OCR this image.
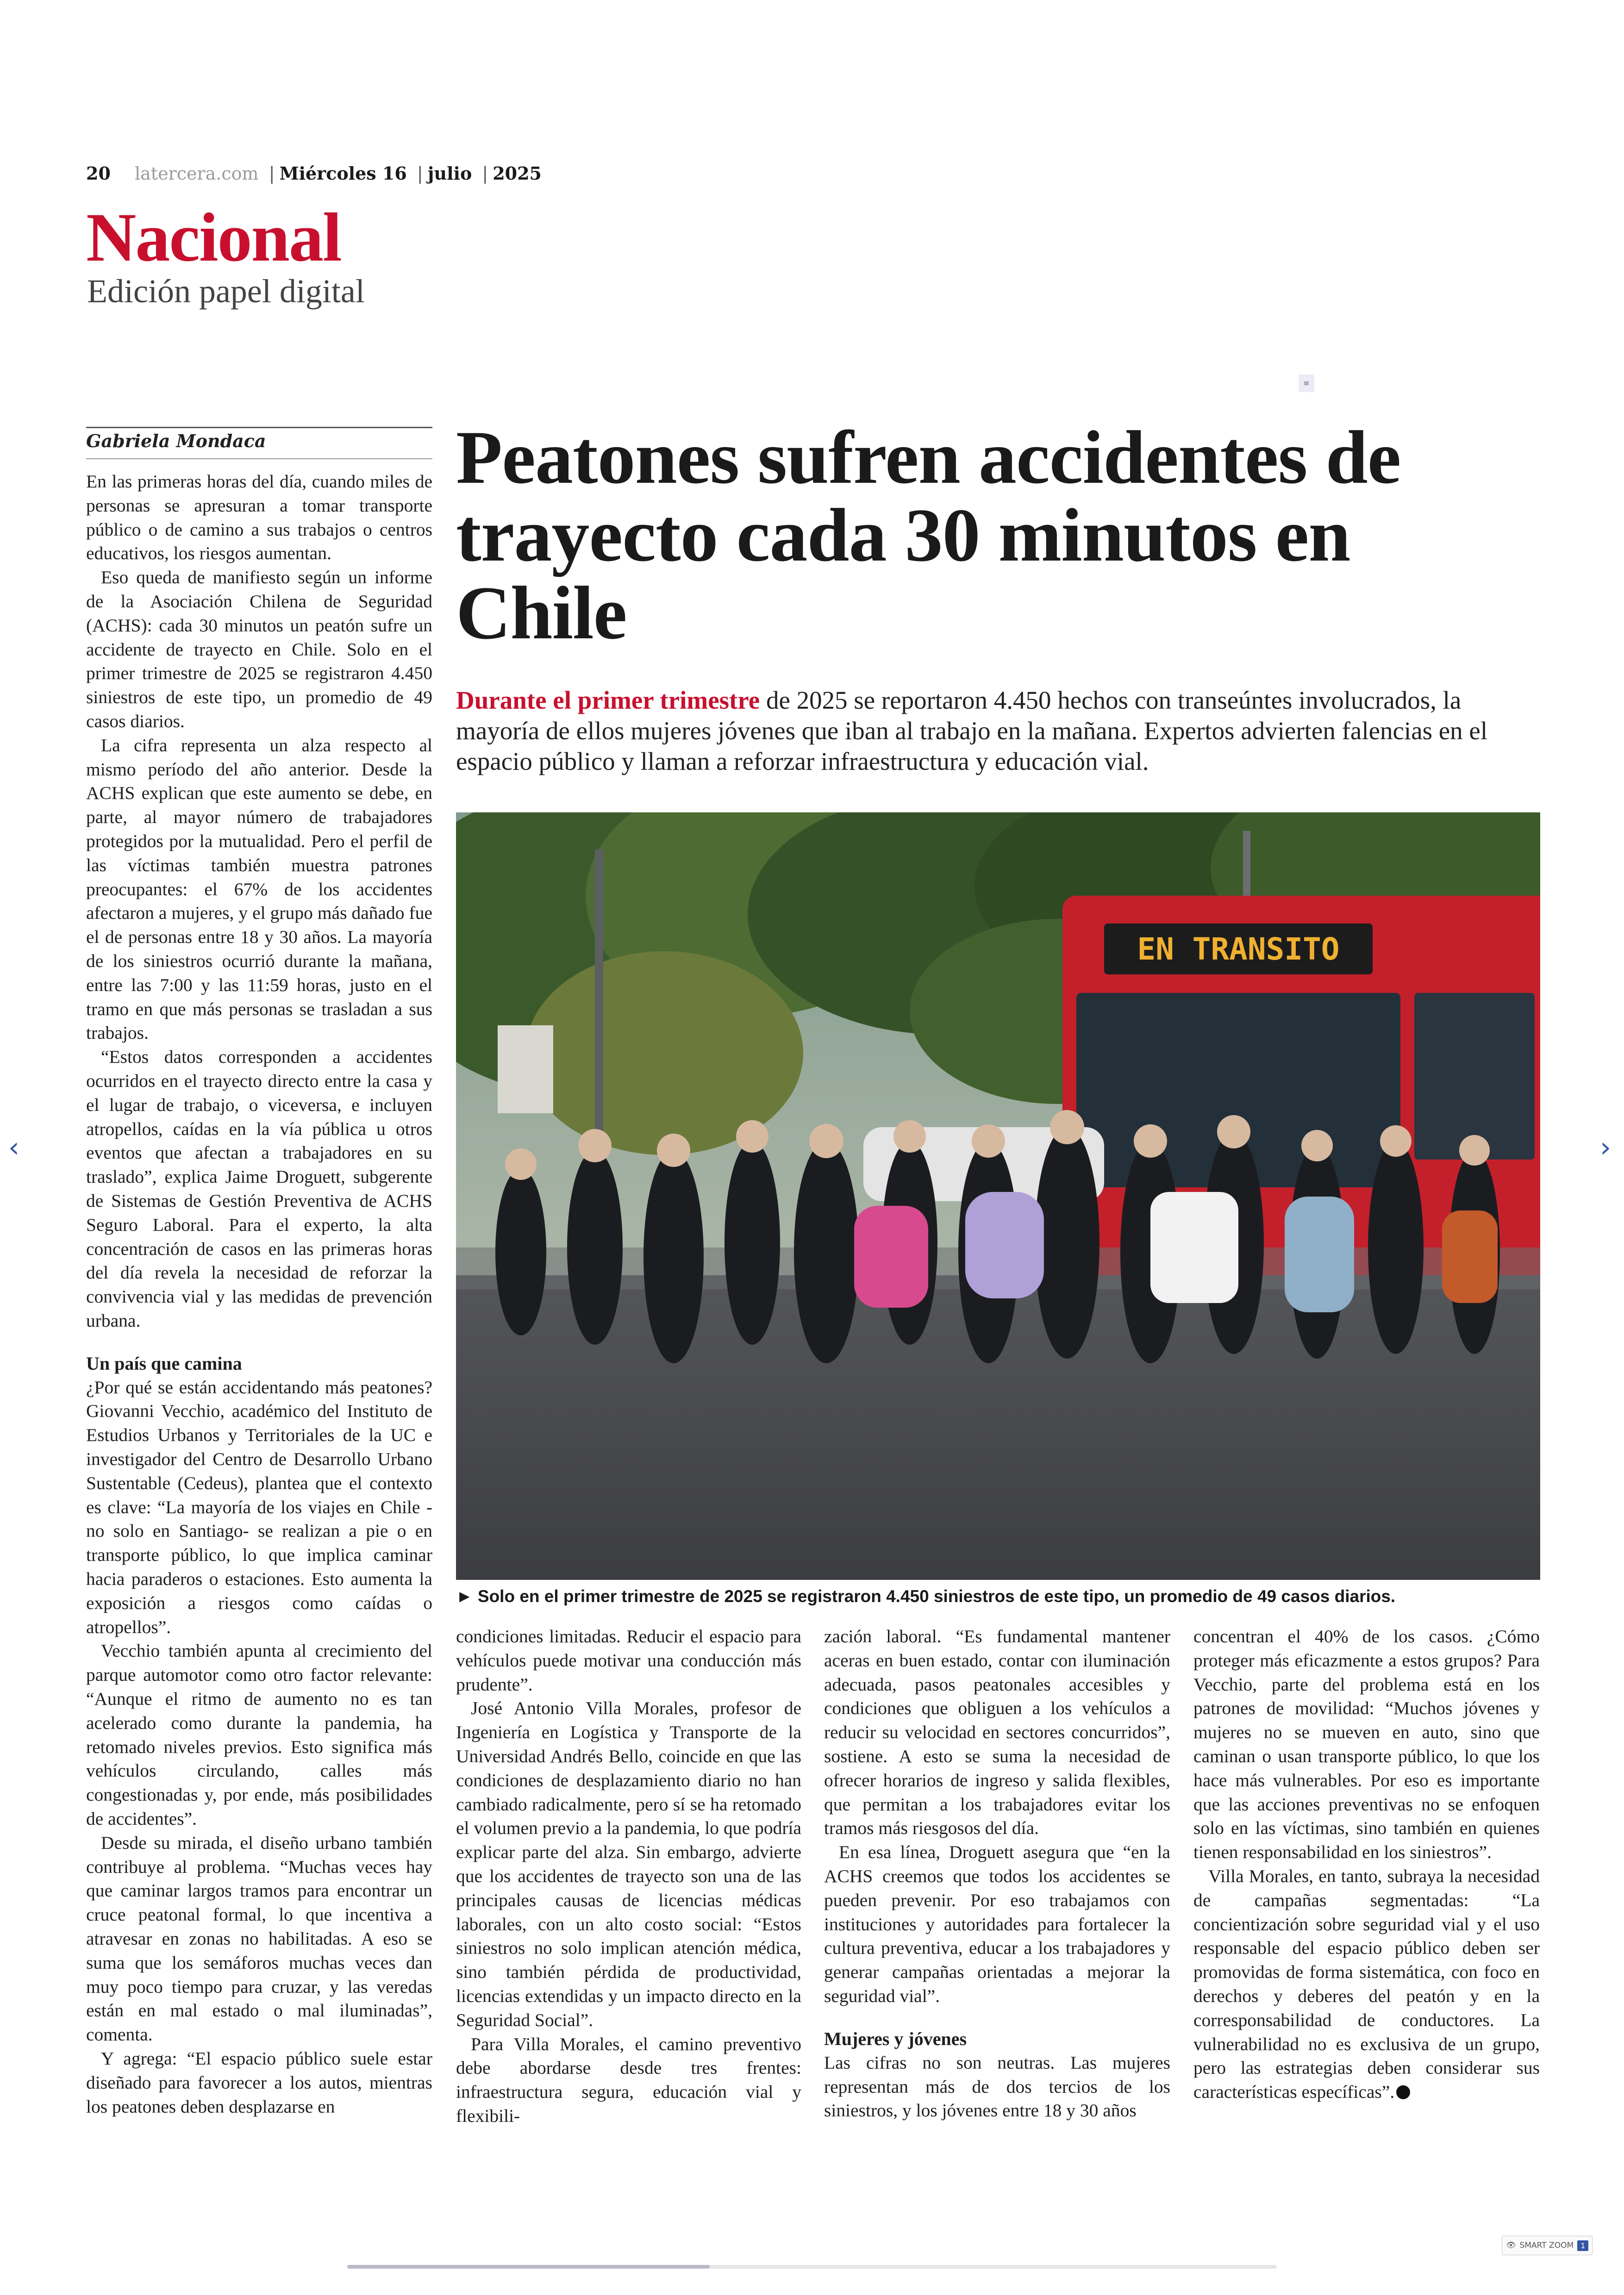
20 latercera.com | Miércoles 16 | julio | 2025
Nacional
Edición papel digital
≡
Peatones sufren accidentes de trayecto cada 30 minutos en Chile
Durante el primer trimestre de 2025 se reportaron 4.450 hechos con transeúntes involucrados, la mayoría de ellos mujeres jóvenes que iban al trabajo en la mañana. Expertos advierten falencias en el espacio público y llaman a reforzar infraestructura y educación vial.
EN TRANSITO
► Solo en el primer trimestre de 2025 se registraron 4.450 siniestros de este tipo, un promedio de 49 casos diarios.
Gabriela Mondaca

En las primeras horas del día, cuando miles de personas se apresuran a tomar transporte público o de camino a sus trabajos o centros educativos, los riesgos aumentan.

Eso queda de manifiesto según un informe de la Asociación Chilena de Seguridad (ACHS): cada 30 minutos un peatón sufre un accidente de trayecto en Chile. Solo en el primer trimestre de 2025 se registraron 4.450 siniestros de este tipo, un promedio de 49 casos diarios.

La cifra representa un alza respecto al mismo período del año anterior. Desde la ACHS explican que este aumento se debe, en parte, al mayor número de trabajadores protegidos por la mutualidad. Pero el perfil de las víctimas también muestra patrones preocupantes: el 67% de los accidentes afectaron a mujeres, y el grupo más dañado fue el de personas entre 18 y 30 años. La mayoría de los siniestros ocurrió durante la mañana, entre las 7:00 y las 11:59 horas, justo en el tramo en que más personas se trasladan a sus trabajos.

“Estos datos corresponden a accidentes ocurridos en el trayecto directo entre la casa y el lugar de trabajo, o viceversa, e incluyen atropellos, caídas en la vía pública u otros eventos que afectan a trabajadores en su traslado”, explica Jaime Droguett, subgerente de Sistemas de Gestión Preventiva de ACHS Seguro Laboral. Para el experto, la alta concentración de casos en las primeras horas del día revela la necesidad de reforzar la convivencia vial y las medidas de prevención urbana.

Un país que camina

¿Por qué se están accidentando más peatones? Giovanni Vecchio, académico del Instituto de Estudios Urbanos y Territoriales de la UC e investigador del Centro de Desarrollo Urbano Sustentable (Cedeus), plantea que el contexto es clave: “La mayoría de los viajes en Chile -no solo en Santiago- se realizan a pie o en transporte público, lo que implica caminar hacia paraderos o estaciones. Esto aumenta la exposición a riesgos como caídas o atropellos”.

Vecchio también apunta al crecimiento del parque automotor como otro factor relevante: “Aunque el ritmo de aumento no es tan acelerado como durante la pandemia, ha retomado niveles previos. Esto significa más vehículos circulando, calles más congestionadas y, por ende, más posibilidades de accidentes”.

Desde su mirada, el diseño urbano también contribuye al problema. “Muchas veces hay que caminar largos tramos para encontrar un cruce peatonal formal, lo que incentiva a atravesar en zonas no habilitadas. A eso se suma que los semáforos muchas veces dan muy poco tiempo para cruzar, y las veredas están en mal estado o mal iluminadas”, comenta.

Y agrega: “El espacio público suele estar diseñado para favorecer a los autos, mientras los peatones deben desplazarse en

condiciones limitadas. Reducir el espacio para vehículos puede motivar una conducción más prudente”.

José Antonio Villa Morales, profesor de Ingeniería en Logística y Transporte de la Universidad Andrés Bello, coincide en que las condiciones de desplazamiento diario no han cambiado radicalmente, pero sí se ha retomado el volumen previo a la pandemia, lo que podría explicar parte del alza. Sin embargo, advierte que los accidentes de trayecto son una de las principales causas de licencias médicas laborales, con un alto costo social: “Estos siniestros no solo implican atención médica, sino también pérdida de productividad, licencias extendidas y un impacto directo en la Seguridad Social”.

Para Villa Morales, el camino preventivo debe abordarse desde tres frentes: infraestructura segura, educación vial y flexibili-

zación laboral. “Es fundamental mantener aceras en buen estado, contar con iluminación adecuada, pasos peatonales accesibles y condiciones que obliguen a los vehículos a reducir su velocidad en sectores concurridos”, sostiene. A esto se suma la necesidad de ofrecer horarios de ingreso y salida flexibles, que permitan a los trabajadores evitar los tramos más riesgosos del día.

En esa línea, Droguett asegura que “en la ACHS creemos que todos los accidentes se pueden prevenir. Por eso trabajamos con instituciones y autoridades para fortalecer la cultura preventiva, educar a los trabajadores y generar campañas orientadas a mejorar la seguridad vial”.

Mujeres y jóvenes

Las cifras no son neutras. Las mujeres representan más de dos tercios de los siniestros, y los jóvenes entre 18 y 30 años

concentran el 40% de los casos. ¿Cómo proteger más eficazmente a estos grupos? Para Vecchio, parte del problema está en los patrones de movilidad: “Muchos jóvenes y mujeres no se mueven en auto, sino que caminan o usan transporte público, lo que los hace más vulnerables. Por eso es importante que las acciones preventivas no se enfoquen solo en las víctimas, sino también en quienes tienen responsabilidad en los siniestros”.

Villa Morales, en tanto, subraya la necesidad de campañas segmentadas: “La concientización sobre seguridad vial y el uso responsable del espacio público deben ser promovidas de forma sistemática, con foco en derechos y deberes del peatón y en la corresponsabilidad de conductores. La vulnerabilidad no es exclusiva de un grupo, pero las estrategias deben considerar sus características específicas”.

‹	›
👁 SMART ZOOM 1
